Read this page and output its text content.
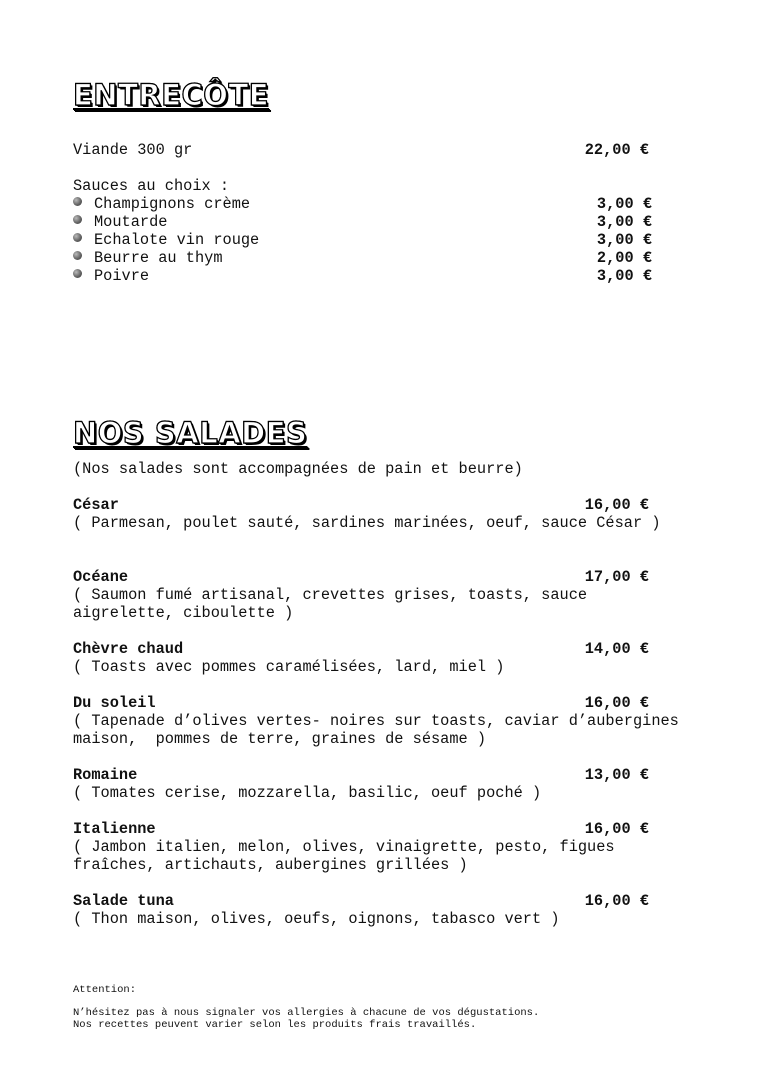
ENTRECÔTE
Viande 300 gr	22,00 €
Sauces au choix :
Champignons crème	3,00 €
Moutarde	3,00 €
Echalote vin rouge	3,00 €
Beurre au thym	2,00 €
Poivre	3,00 €
NOS SALADES
(Nos salades sont accompagnées de pain et beurre)
César	16,00 €
( Parmesan, poulet sauté, sardines marinées, oeuf, sauce César )
Océane	17,00 €
( Saumon fumé artisanal, crevettes grises, toasts, sauce
aigrelette, ciboulette )
Chèvre chaud	14,00 €
( Toasts avec pommes caramélisées, lard, miel )
Du soleil	16,00 €
( Tapenade d’olives vertes- noires sur toasts, caviar d’aubergines
maison,  pommes de terre, graines de sésame )
Romaine	13,00 €
( Tomates cerise, mozzarella, basilic, oeuf poché )
Italienne	16,00 €
( Jambon italien, melon, olives, vinaigrette, pesto, figues
fraîches, artichauts, aubergines grillées )
Salade tuna	16,00 €
( Thon maison, olives, oeufs, oignons, tabasco vert )
Attention:
N’hésitez pas à nous signaler vos allergies à chacune de vos dégustations.
Nos recettes peuvent varier selon les produits frais travaillés.
